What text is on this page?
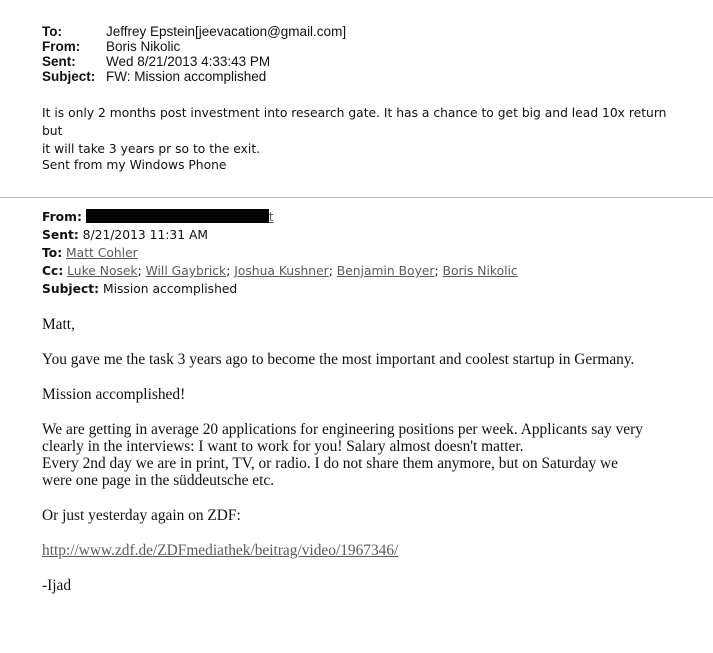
To:	Jeffrey Epstein[jeevacation@gmail.com]
From:	Boris Nikolic
Sent:	Wed 8/21/2013 4:33:43 PM
Subject: FW: Mission accomplished

It is only 2 months post investment into research gate. It has a chance to get big and lead 10x return but

it will take 3 years pr so to the exit.

Sent from my Windows Phone
From:	t
Sent: 8/21/2013 11:31 AM
To: Matt Cohler
Cc: Luke Nosek; Will Gaybrick; Joshua Kushner; Benjamin Boyer; Boris Nikolic
Subject: Mission accomplished

Matt,

You gave me the task 3 years ago to become the most important and coolest startup in Germany.

Mission accomplished!

We are getting in average 20 applications for engineering positions per week. Applicants say very

clearly in the interviews: I want to work for you! Salary almost doesn't matter.

Every 2nd day we are in print, TV, or radio. I do not share them anymore, but on Saturday we

were one page in the süddeutsche etc.

Or just yesterday again on ZDF:

http://www.zdf.de/ZDFmediathek/beitrag/video/1967346/

-Ijad
